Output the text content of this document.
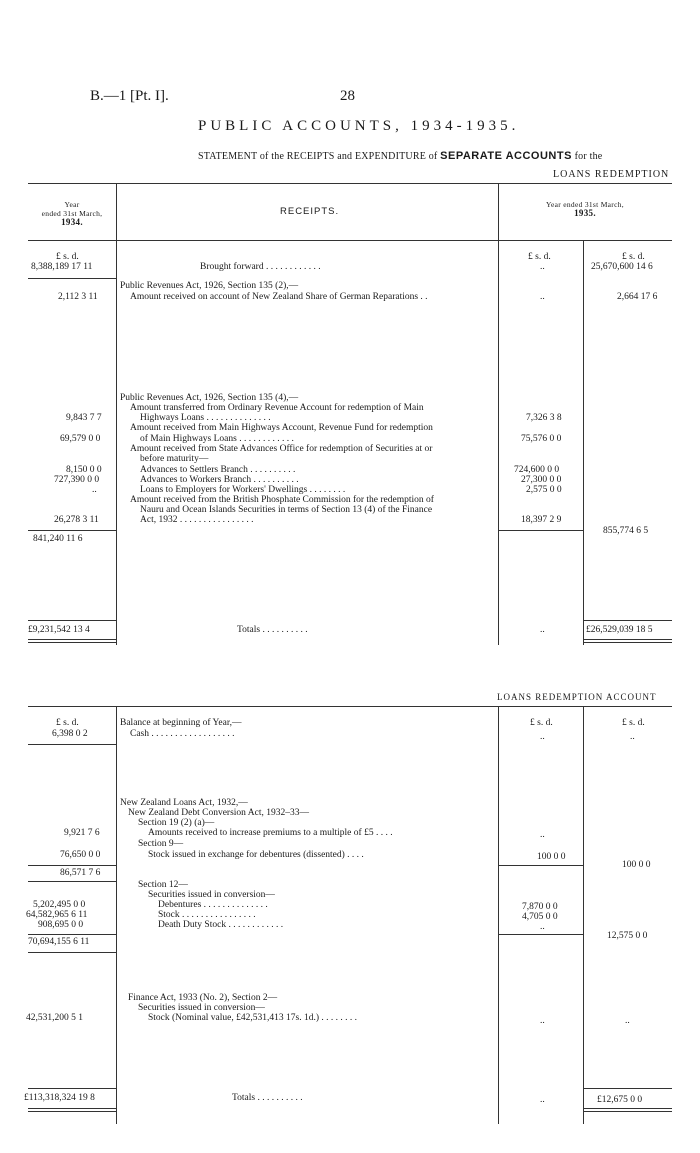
B.—1 [Pt. I].	28
PUBLIC ACCOUNTS, 1934-1935.
STATEMENT of the RECEIPTS and EXPENDITURE of SEPARATE ACCOUNTS for the
LOANS REDEMPTION
Year
ended 31st March,
1934.
RECEIPTS.
Year ended 31st March,
1935.
£ s. d.	£ s. d.	£ s. d.
8,388,189 17 11	Brought forward . . . . . . . . . . . .	..	25,670,600 14 6
Public Revenues Act, 1926, Section 135 (2),—
2,112 3 11	Amount received on account of New Zealand Share of German Reparations . .	..	2,664 17 6
Public Revenues Act, 1926, Section 135 (4),—
Amount transferred from Ordinary Revenue Account for redemption of Main
9,843 7 7	Highways Loans . . . . . . . . . . . . . .	7,326 3 8
Amount received from Main Highways Account, Revenue Fund for redemption
69,579 0 0	of Main Highways Loans . . . . . . . . . . . .	75,576 0 0
Amount received from State Advances Office for redemption of Securities at or
before maturity—
8,150 0 0	Advances to Settlers Branch . . . . . . . . . .	724,600 0 0
727,390 0 0	Advances to Workers Branch . . . . . . . . . .	27,300 0 0
..	Loans to Employers for Workers' Dwellings . . . . . . . .	2,575 0 0
Amount received from the British Phosphate Commission for the redemption of
Nauru and Ocean Islands Securities in terms of Section 13 (4) of the Finance
26,278 3 11	Act, 1932 . . . . . . . . . . . . . . . .	18,397 2 9
841,240 11 6
855,774 6 5
£9,231,542 13 4	Totals . . . . . . . . . .	..	£26,529,039 18 5
LOANS REDEMPTION ACCOUNT
£ s. d.	£ s. d.	£ s. d.
Balance at beginning of Year,—
6,398 0 2	Cash . . . . . . . . . . . . . . . . . .	..	..
New Zealand Loans Act, 1932,—
New Zealand Debt Conversion Act, 1932–33—
Section 19 (2) (a)—
9,921 7 6	Amounts received to increase premiums to a multiple of £5 . . . .	..
Section 9—
76,650 0 0	Stock issued in exchange for debentures (dissented) . . . .	100 0 0
86,571 7 6
100 0 0
Section 12—
Securities issued in conversion—
5,202,495 0 0	Debentures . . . . . . . . . . . . . .	7,870 0 0
64,582,965 6 11	Stock . . . . . . . . . . . . . . . .	4,705 0 0
908,695 0 0	Death Duty Stock . . . . . . . . . . . .	..
70,694,155 6 11
12,575 0 0
Finance Act, 1933 (No. 2), Section 2—
Securities issued in conversion—
42,531,200 5 1	Stock (Nominal value, £42,531,413 17s. 1d.) . . . . . . . .	..	..
£113,318,324 19 8	Totals . . . . . . . . . .	..	£12,675 0 0
